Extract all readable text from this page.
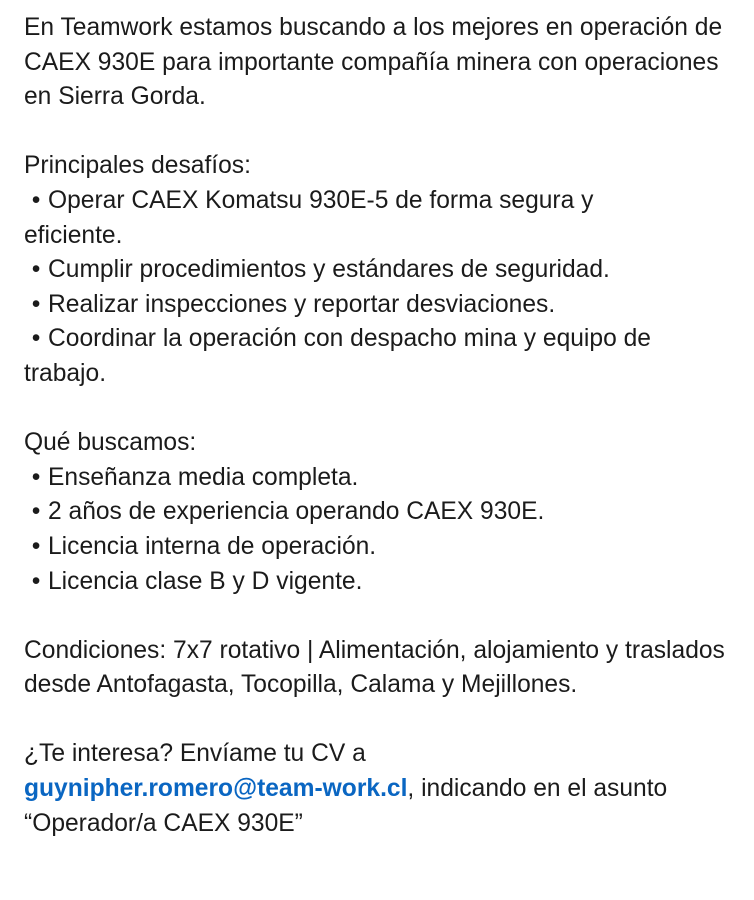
En Teamwork estamos buscando a los mejores en operación de CAEX 930E para importante compañía minera con operaciones en Sierra Gorda.

Principales desafíos:

• Operar CAEX Komatsu 930E-5 de forma segura y

eficiente.

• Cumplir procedimientos y estándares de seguridad.

• Realizar inspecciones y reportar desviaciones.

• Coordinar la operación con despacho mina y equipo de

trabajo.

Qué buscamos:

• Enseñanza media completa.

• 2 años de experiencia operando CAEX 930E.

• Licencia interna de operación.

• Licencia clase B y D vigente.

Condiciones: 7x7 rotativo | Alimentación, alojamiento y traslados desde Antofagasta, Tocopilla, Calama y Mejillones.

¿Te interesa? Envíame tu CV a

guynipher.romero@team-work.cl, indicando en el asunto

“Operador/a CAEX 930E”
